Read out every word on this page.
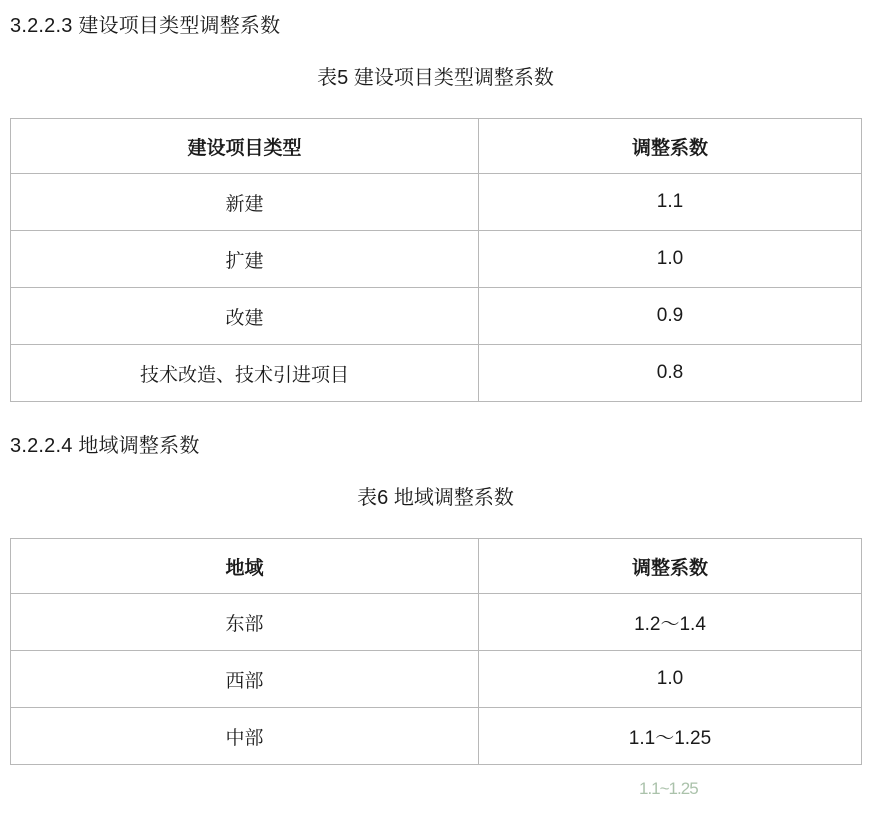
3.2.2.3 建设项目类型调整系数
表5 建设项目类型调整系数
建设项目类型	调整系数
新建	1.1
扩建	1.0
改建	0.9
技术改造、技术引进项目	0.8
3.2.2.4 地域调整系数
表6 地域调整系数
地域	调整系数
东部	1.2～1.4
西部	1.0
中部	1.1～1.25
1.1~1.25
